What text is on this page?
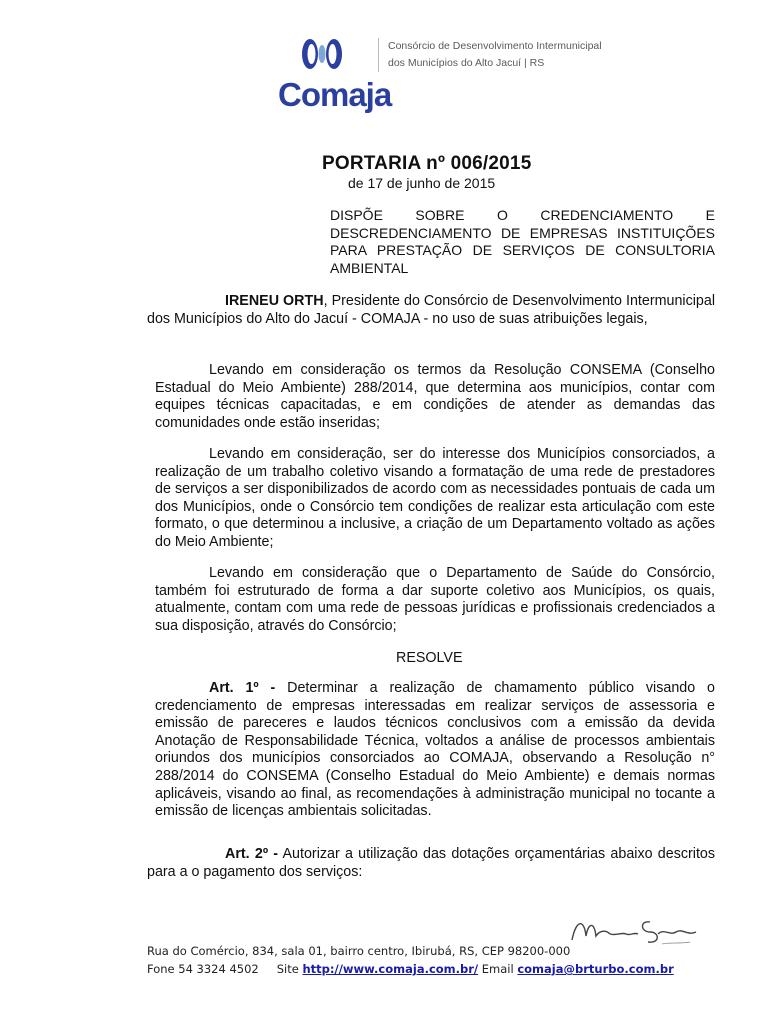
Comaja
Consórcio de Desenvolvimento Intermunicipal
dos Municípios do Alto Jacuí | RS
PORTARIA nº 006/2015
de 17 de junho de 2015
DISPÕE SOBRE O CREDENCIAMENTO E DESCREDENCIAMENTO DE EMPRESAS INSTITUIÇÕES PARA PRESTAÇÃO DE SERVIÇOS DE CONSULTORIA AMBIENTAL
IRENEU ORTH, Presidente do Consórcio de Desenvolvimento Intermunicipal dos Municípios do Alto do Jacuí - COMAJA - no uso de suas atribuições legais,
Levando em consideração os termos da Resolução CONSEMA (Conselho Estadual do Meio Ambiente) 288/2014, que determina aos municípios, contar com equipes técnicas capacitadas, e em condições de atender as demandas das comunidades onde estão inseridas;
Levando em consideração, ser do interesse dos Municípios consorciados, a realização de um trabalho coletivo visando a formatação de uma rede de prestadores de serviços a ser disponibilizados de acordo com as necessidades pontuais de cada um dos Municípios, onde o Consórcio tem condições de realizar esta articulação com este formato, o que determinou a inclusive, a criação de um Departamento voltado as ações do Meio Ambiente;
Levando em consideração que o Departamento de Saúde do Consórcio, também foi estruturado de forma a dar suporte coletivo aos Municípios, os quais, atualmente, contam com uma rede de pessoas jurídicas e profissionais credenciados a sua disposição, através do Consórcio;
RESOLVE
Art. 1º - Determinar a realização de chamamento público visando o credenciamento de empresas interessadas em realizar serviços de assessoria e emissão de pareceres e laudos técnicos conclusivos com a emissão da devida Anotação de Responsabilidade Técnica, voltados a análise de processos ambientais oriundos dos municípios consorciados ao COMAJA, observando a Resolução n° 288/2014 do CONSEMA (Conselho Estadual do Meio Ambiente) e demais normas aplicáveis, visando ao final, as recomendações à administração municipal no tocante a emissão de licenças ambientais solicitadas.
Art. 2º - Autorizar a utilização das dotações orçamentárias abaixo descritos para a o pagamento dos serviços:
Rua do Comércio, 834, sala 01, bairro centro, Ibirubá, RS, CEP 98200-000
Fone 54 3324 4502 Site http://www.comaja.com.br/ Email comaja@brturbo.com.br
